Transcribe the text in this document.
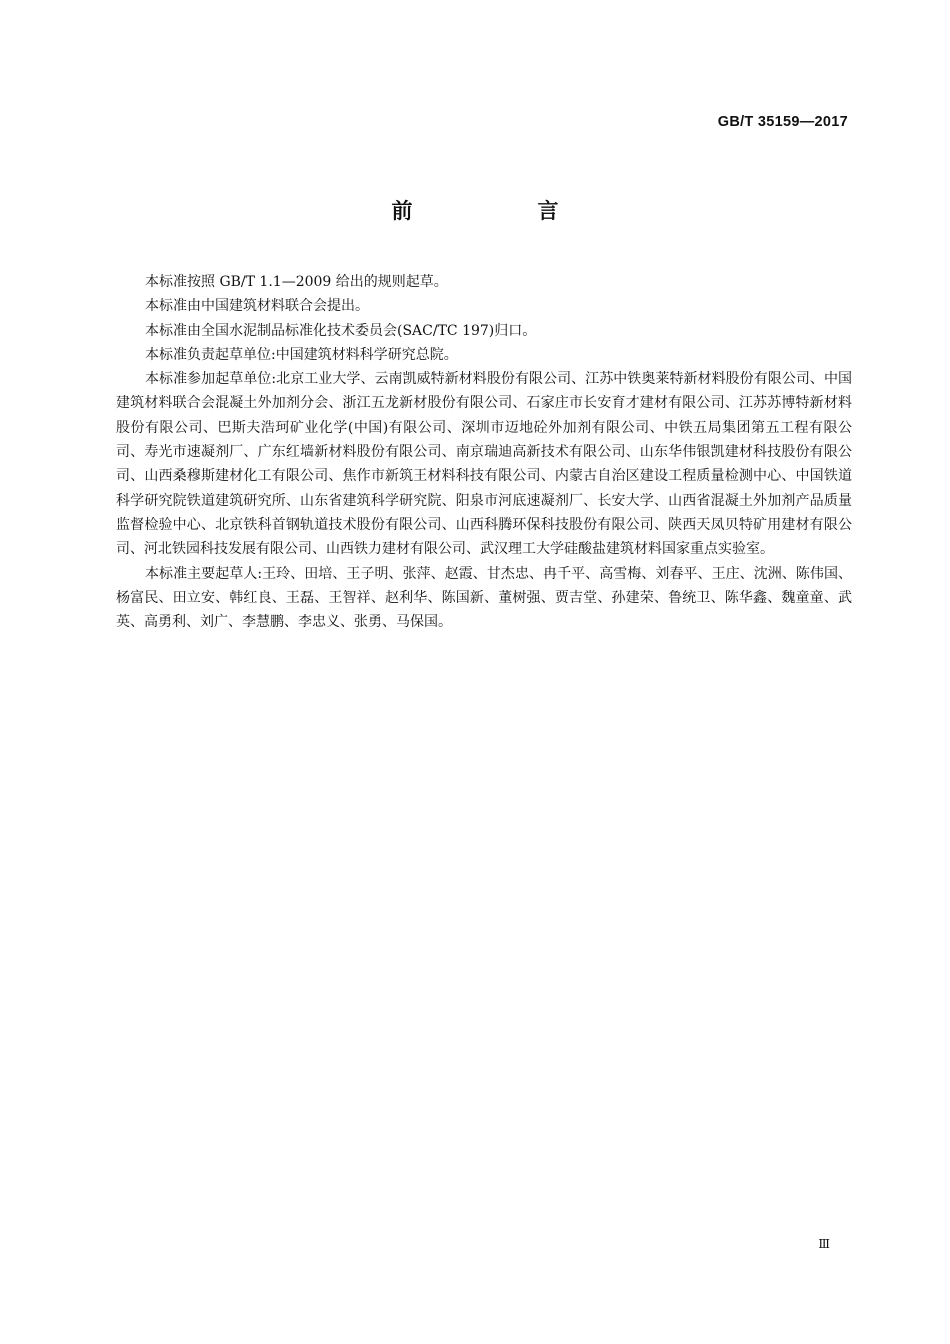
GB/T 35159—2017
前　言

本标准按照 GB/T 1.1—2009 给出的规则起草。

本标准由中国建筑材料联合会提出。

本标准由全国水泥制品标准化技术委员会(SAC/TC 197)归口。

本标准负责起草单位:中国建筑材料科学研究总院。

本标准参加起草单位:北京工业大学、云南凯威特新材料股份有限公司、江苏中铁奥莱特新材料股份有限公司、中国建筑材料联合会混凝土外加剂分会、浙江五龙新材股份有限公司、石家庄市长安育才建材有限公司、江苏苏博特新材料股份有限公司、巴斯夫浩珂矿业化学(中国)有限公司、深圳市迈地砼外加剂有限公司、中铁五局集团第五工程有限公司、寿光市速凝剂厂、广东红墙新材料股份有限公司、南京瑞迪高新技术有限公司、山东华伟银凯建材科技股份有限公司、山西桑穆斯建材化工有限公司、焦作市新筑王材料科技有限公司、内蒙古自治区建设工程质量检测中心、中国铁道科学研究院铁道建筑研究所、山东省建筑科学研究院、阳泉市河底速凝剂厂、长安大学、山西省混凝土外加剂产品质量监督检验中心、北京铁科首钢轨道技术股份有限公司、山西科腾环保科技股份有限公司、陕西天凤贝特矿用建材有限公司、河北铁园科技发展有限公司、山西铁力建材有限公司、武汉理工大学硅酸盐建筑材料国家重点实验室。

本标准主要起草人:王玲、田培、王子明、张萍、赵霞、甘杰忠、冉千平、高雪梅、刘春平、王庄、沈洲、陈伟国、杨富民、田立安、韩红良、王磊、王智祥、赵利华、陈国新、董树强、贾吉堂、孙建荣、鲁统卫、陈华鑫、魏童童、武英、高勇利、刘广、李慧鹏、李忠义、张勇、马保国。

Ⅲ
